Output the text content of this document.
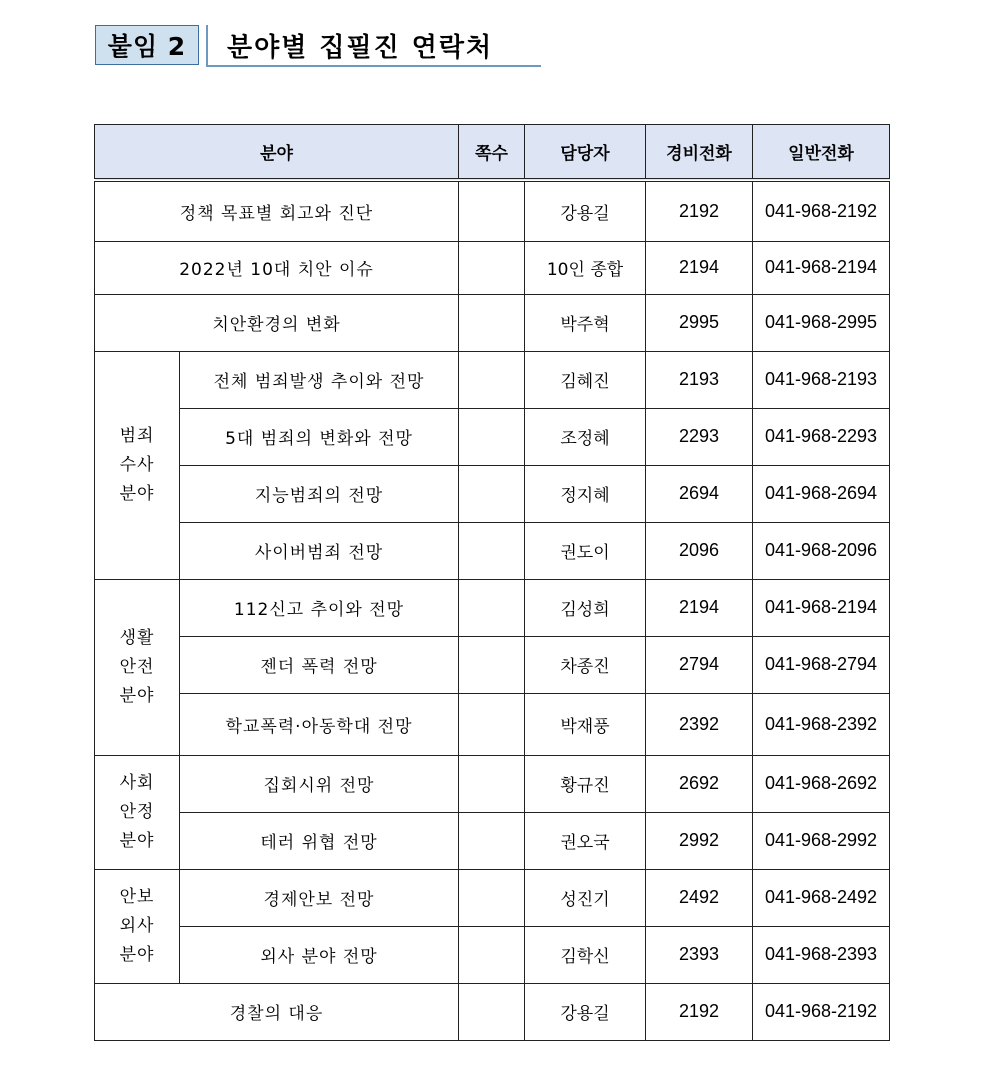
붙임 2	분야별 집필진 연락처
분야		쪽수	담당자	경비전화	일반전화
정책 목표별 회고와 진단			강용길	2192	041-968-2192
2022년 10대 치안 이슈			10인 종합	2194	041-968-2194
치안환경의 변화			박주혁	2995	041-968-2995

범죄
수사
분야	전체 범죄발생 추이와 전망		김혜진	2193	041-968-2193
	5대 범죄의 변화와 전망		조정혜	2293	041-968-2293
	지능범죄의 전망		정지혜	2694	041-968-2694
	사이버범죄 전망		권도이	2096	041-968-2096

생활
안전
분야	112신고 추이와 전망		김성희	2194	041-968-2194
	젠더 폭력 전망		차종진	2794	041-968-2794
	학교폭력·아동학대 전망		박재풍	2392	041-968-2392

사회
안정
분야	집회시위 전망		황규진	2692	041-968-2692
	테러 위협 전망		권오국	2992	041-968-2992

안보
외사
분야	경제안보 전망		성진기	2492	041-968-2492
	외사 분야 전망		김학신	2393	041-968-2393
경찰의 대응			강용길	2192	041-968-2192
